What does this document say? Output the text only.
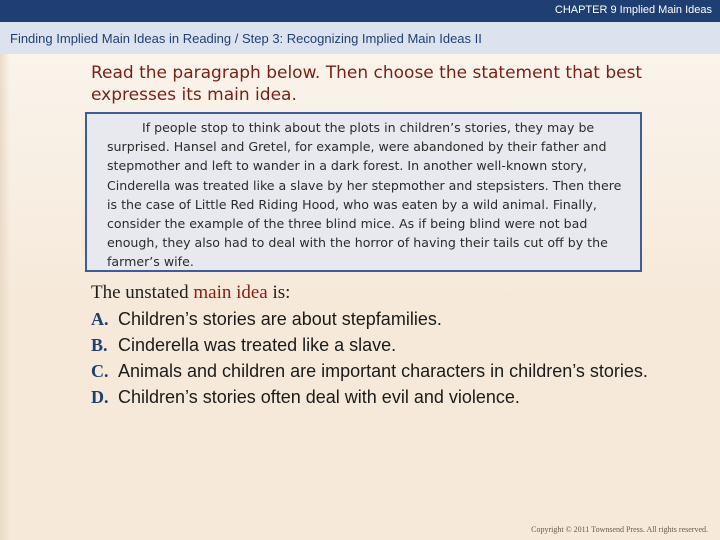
CHAPTER 9 Implied Main Ideas
Finding Implied Main Ideas in Reading / Step 3: Recognizing Implied Main Ideas II
Read the paragraph below. Then choose the statement that best expresses its main idea.
If people stop to think about the plots in children’s stories, they may be surprised. Hansel and Gretel, for example, were abandoned by their father and stepmother and left to wander in a dark forest. In another well-known story, Cinderella was treated like a slave by her stepmother and stepsisters. Then there is the case of Little Red Riding Hood, who was eaten by a wild animal. Finally, consider the example of the three blind mice. As if being blind were not bad enough, they also had to deal with the horror of having their tails cut off by the farmer’s wife.
The unstated main idea is:
A. Children’s stories are about stepfamilies.
B. Cinderella was treated like a slave.
C. Animals and children are important characters in children’s stories.
D. Children’s stories often deal with evil and violence.
Copyright © 2011 Townsend Press. All rights reserved.
